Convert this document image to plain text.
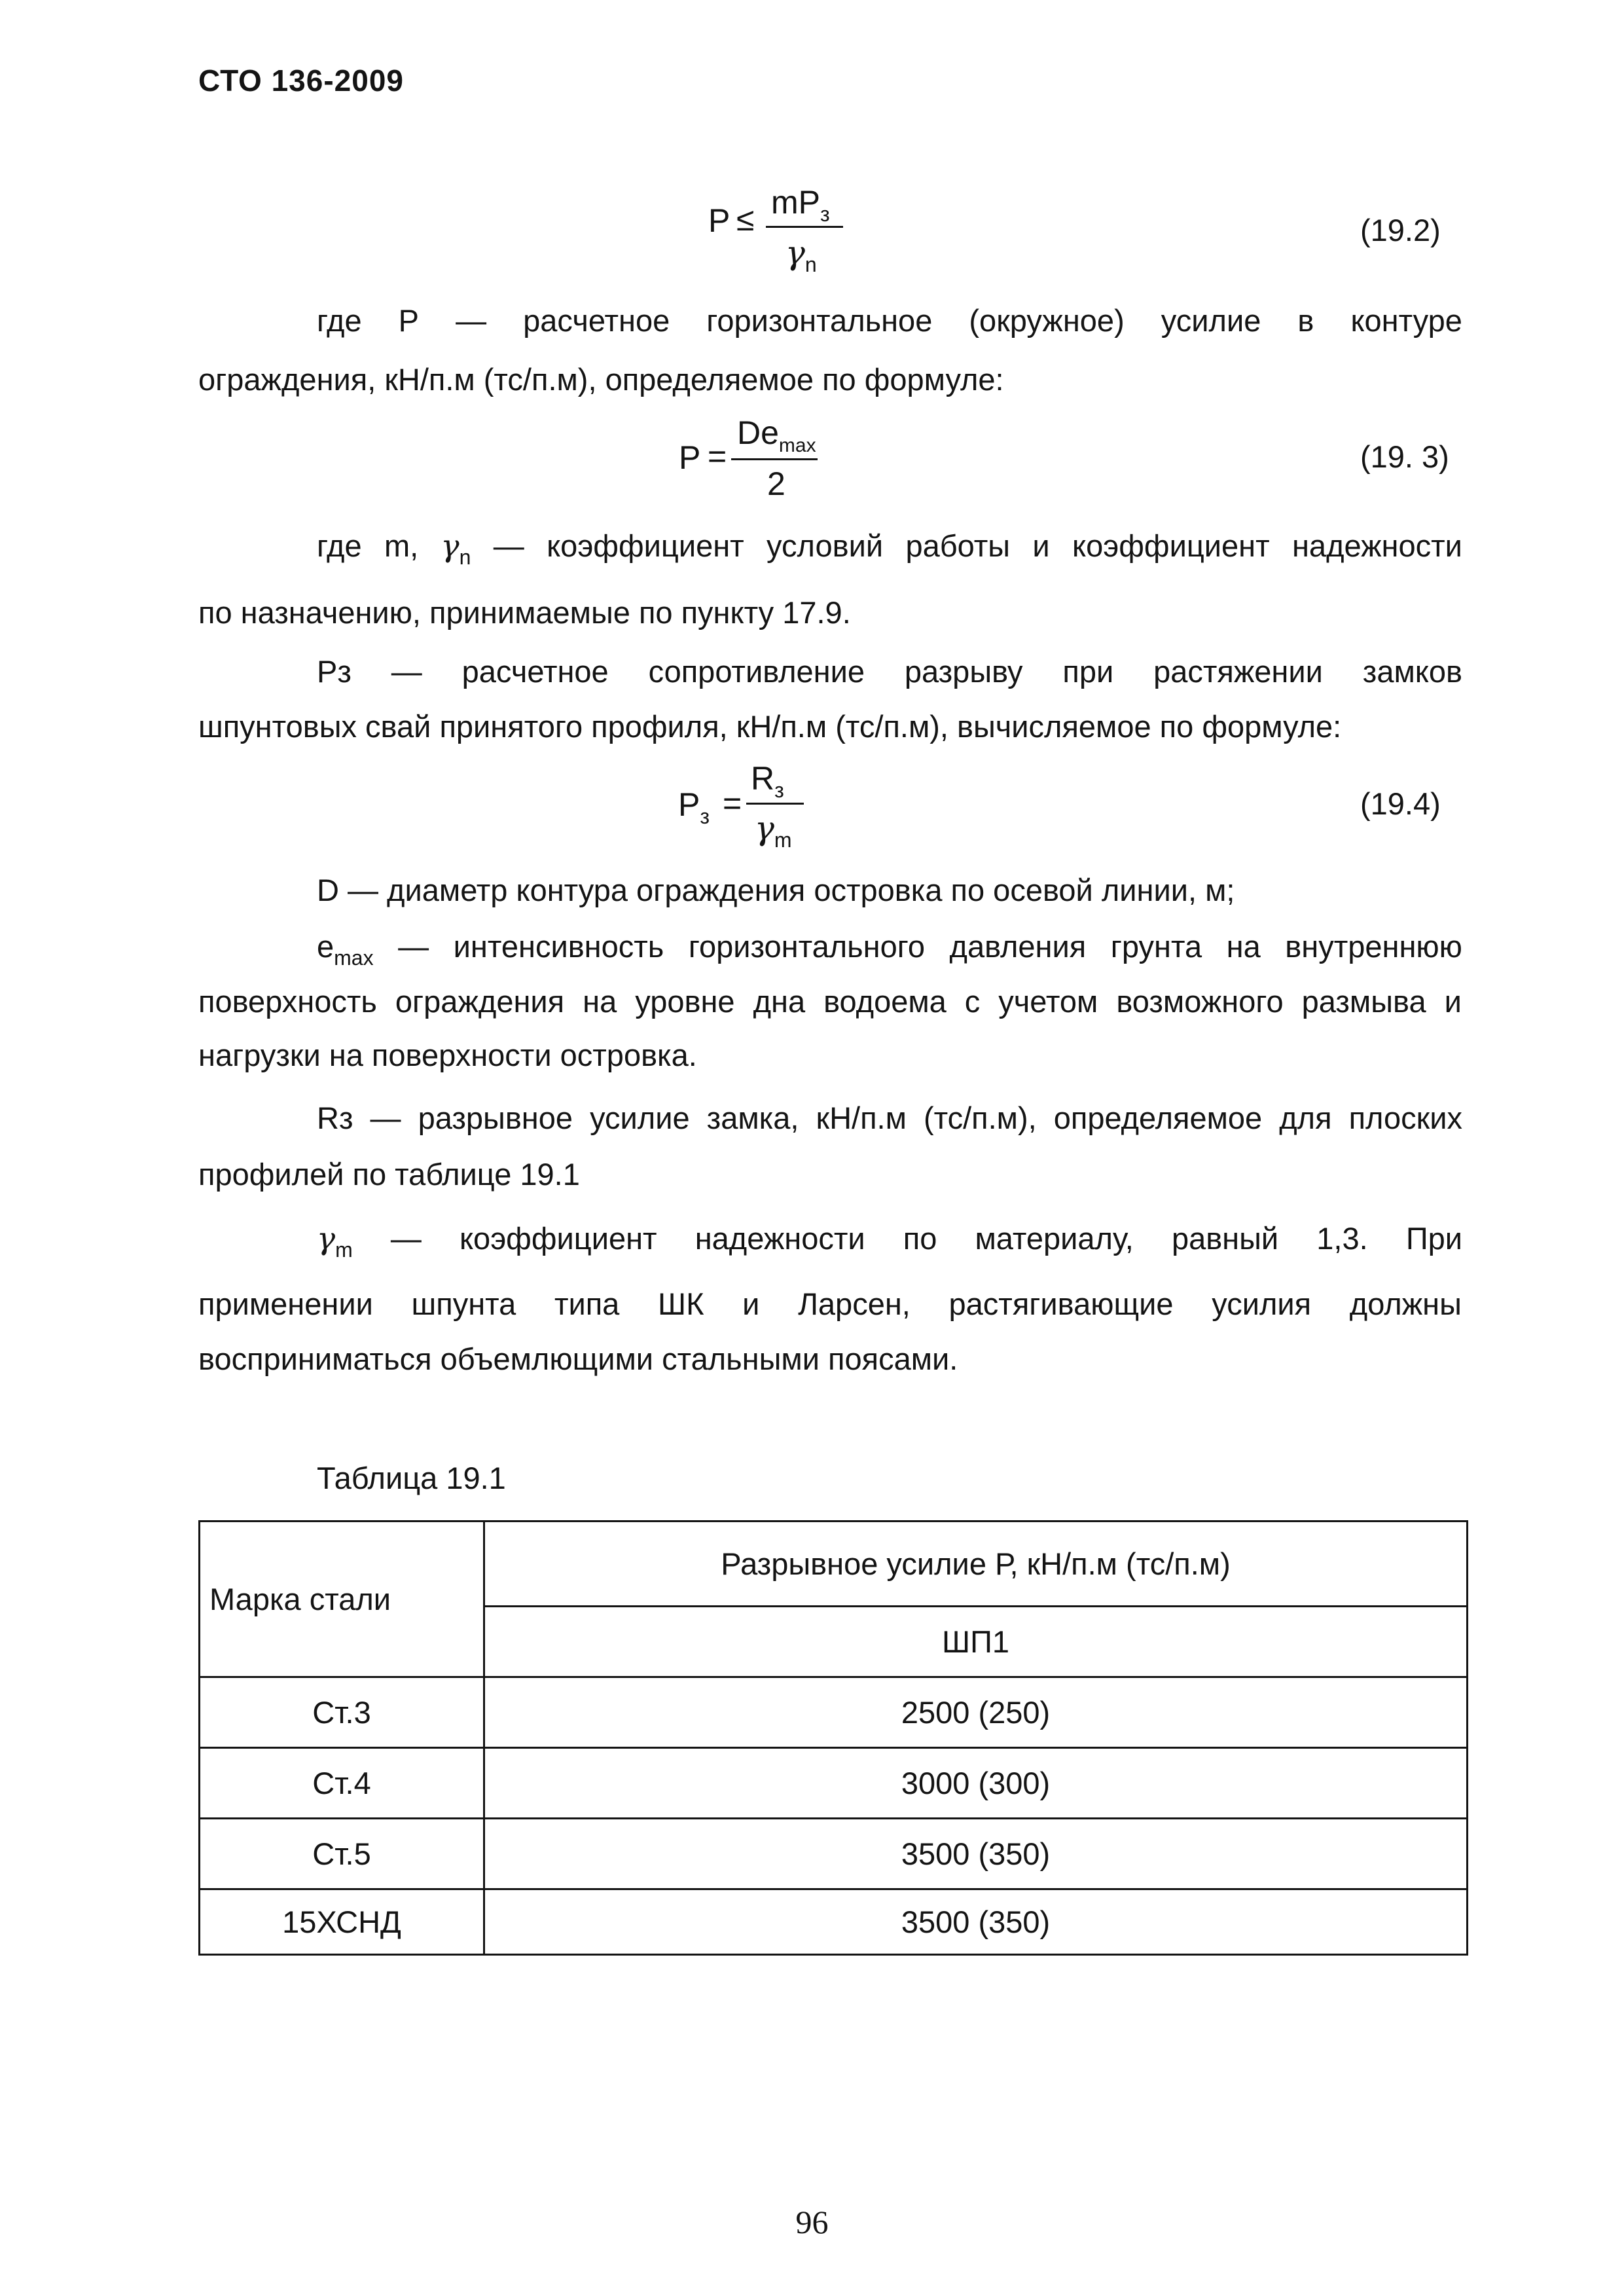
СТО 136-2009
$P \le mP_з$
$\gamma_n$
(19.2)
где P — расчетное горизонтальное (окружное) усилие в контуре
ограждения, кН/п.м (тс/п.м), определяемое по формуле:
P =
$De_{max}$
2
(19. 3)
где m, $\gamma_n$ — коэффициент условий работы и коэффициент надежности
по назначению, принимаемые по пункту 17.9.
Рз — расчетное сопротивление разрыву при растяжении замков
шпунтовых свай принятого профиля, кН/п.м (тс/п.м), вычисляемое по формуле:
$P_з$ =
$R_з$
$\gamma_m$
(19.4)
D — диаметр контура ограждения островка по осевой линии, м;
$e_{max}$ — интенсивность горизонтального давления грунта на внутреннюю
поверхность ограждения на уровне дна водоема с учетом возможного размыва и
нагрузки на поверхности островка.
Rз — разрывное усилие замка, кН/п.м (тс/п.м), определяемое для плоских
профилей по таблице 19.1
$\gamma_m$ — коэффициент надежности по материалу, равный 1,3. При
применении шпунта типа ШК и Ларсен, растягивающие усилия должны
восприниматься объемлющими стальными поясами.
Таблица 19.1
Марка стали	Разрывное усилие Р, кН/п.м (тс/п.м)
	ШП1
Ст.3	2500 (250)
Ст.4	3000 (300)
Ст.5	3500 (350)
15ХСНД	3500 (350)
96
